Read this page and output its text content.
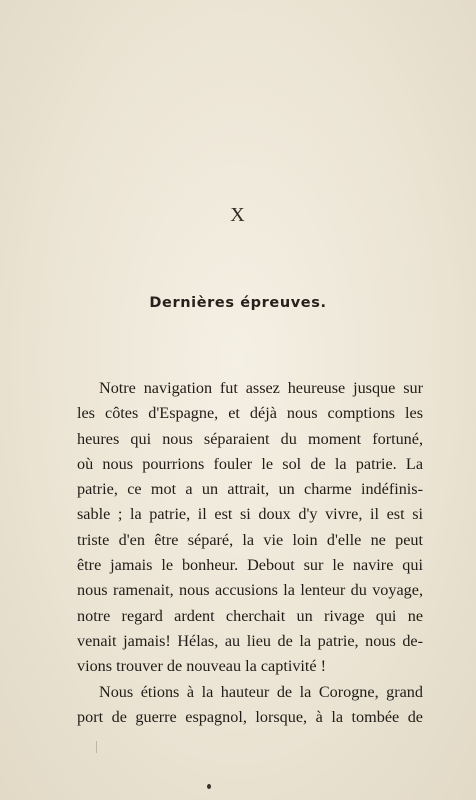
X
Dernières épreuves.
Notre navigation fut assez heureuse jusque sur
les côtes d'Espagne, et déjà nous comptions les
heures qui nous séparaient du moment fortuné,
où nous pourrions fouler le sol de la patrie. La
patrie, ce mot a un attrait, un charme indéfinis-
sable ; la patrie, il est si doux d'y vivre, il est si
triste d'en être séparé, la vie loin d'elle ne peut
être jamais le bonheur. Debout sur le navire qui
nous ramenait, nous accusions la lenteur du voyage,
notre regard ardent cherchait un rivage qui ne
venait jamais! Hélas, au lieu de la patrie, nous de-
vions trouver de nouveau la captivité !
Nous étions à la hauteur de la Corogne, grand
port de guerre espagnol, lorsque, à la tombée de
